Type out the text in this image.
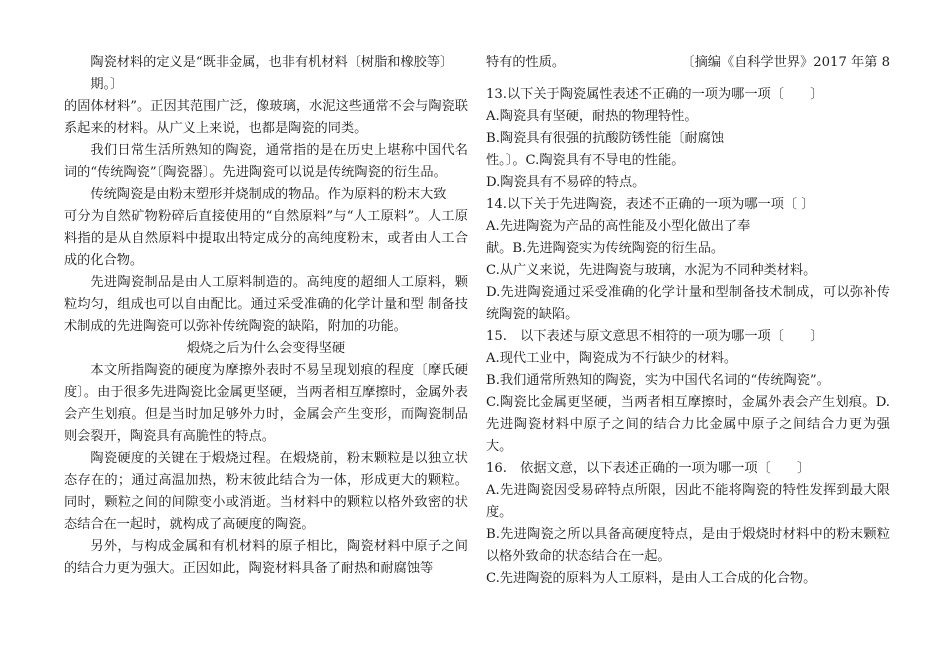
陶瓷材料的定义是“既非金属，也非有机材料〔树脂和橡胶等〕

期。〕

的固体材料”。正因其范围广泛，像玻璃，水泥这些通常不会与陶瓷联系起来的材料。从广义上来说，也都是陶瓷的同类。

我们日常生活所熟知的陶瓷，通常指的是在历史上堪称中国代名词的“传统陶瓷”〔陶瓷器〕。先进陶瓷可以说是传统陶瓷的衍生品。

传统陶瓷是由粉末塑形并烧制成的物品。作为原料的粉末大致

可分为自然矿物粉碎后直接使用的“自然原料”与“人工原料”。人工原料指的是从自然原料中提取出特定成分的高纯度粉末，或者由人工合成的化合物。

先进陶瓷制品是由人工原料制造的。高纯度的超细人工原料，颗粒均匀，组成也可以自由配比。通过采受准确的化学计量和型 制备技术制成的先进陶瓷可以弥补传统陶瓷的缺陷，附加的功能。

煅烧之后为什么会变得坚硬

本文所指陶瓷的硬度为摩擦外表时不易呈现划痕的程度〔摩氏硬度〕。由于很多先进陶瓷比金属更坚硬，当两者相互摩擦时，金属外表会产生划痕。但是当时加足够外力时，金属会产生变形，而陶瓷制品则会裂开，陶瓷具有高脆性的特点。

陶瓷硬度的关键在于煅烧过程。在煅烧前，粉末颗粒是以独立状态存在的；通过高温加热，粉末彼此结合为一体，形成更大的颗粒。同时，颗粒之间的间隙变小或消逝。当材料中的颗粒以格外致密的状态结合在一起时，就构成了高硬度的陶瓷。

另外，与构成金属和有机材料的原子相比，陶瓷材料中原子之间的结合力更为强大。正因如此，陶瓷材料具备了耐热和耐腐蚀等

特有的性质。	〔摘编《自科学世界》2017 年第 8

13.以下关于陶瓷属性表述不正确的一项为哪一项〔　　〕

A.陶瓷具有坚硬，耐热的物理特性。

B.陶瓷具有很强的抗酸防锈性能〔耐腐蚀

性。〕。C.陶瓷具有不导电的性能。

D.陶瓷具有不易碎的特点。

14.以下关于先进陶瓷，表述不正确的一项为哪一项〔 〕

A.先进陶瓷为产品的高性能及小型化做出了奉

献。B.先进陶瓷实为传统陶瓷的衍生品。

C.从广义来说，先进陶瓷与玻璃，水泥为不同种类材料。

D.先进陶瓷通过采受准确的化学计量和型制备技术制成，可以弥补传统陶瓷的缺陷。

15.　以下表述与原文意思不相符的一项为哪一项〔　　〕

A.现代工业中，陶瓷成为不行缺少的材料。

B.我们通常所熟知的陶瓷，实为中国代名词的“传统陶瓷”。

C.陶瓷比金属更坚硬，当两者相互摩擦时，金属外表会产生划痕。D.先进陶瓷材料中原子之间的结合力比金属中原子之间结合力更为强大。

16.　依据文意，以下表述正确的一项为哪一项〔　　〕

A.先进陶瓷因受易碎特点所限，因此不能将陶瓷的特性发挥到最大限度。

B.先进陶瓷之所以具备高硬度特点，是由于煅烧时材料中的粉末颗粒以格外致命的状态结合在一起。

C.先进陶瓷的原料为人工原料，是由人工合成的化合物。
